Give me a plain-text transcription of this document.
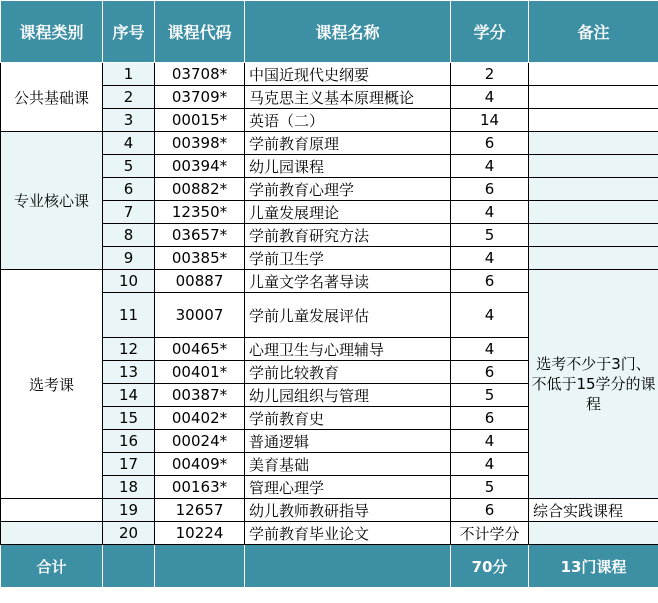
课程类别	序号	课程代码	课程名称	学分	备注
公共基础课	1	03708*	中国近现代史纲要	2	
	2	03709*	马克思主义基本原理概论	4	
	3	00015*	英语（二）	14	
专业核心课	4	00398*	学前教育原理	6	
	5	00394*	幼儿园课程	4	
	6	00882*	学前教育心理学	6	
	7	12350*	儿童发展理论	4	
	8	03657*	学前教育研究方法	5	
	9	00385*	学前卫生学	4	
选考课	10	00887	儿童文学名著导读	6	选考不少于3门、不低于15学分的课程
	11	30007	学前儿童发展评估	4	
	12	00465*	心理卫生与心理辅导	4	
	13	00401*	学前比较教育	6	
	14	00387*	幼儿园组织与管理	5	
	15	00402*	学前教育史	6	
	16	00024*	普通逻辑	4	
	17	00409*	美育基础	4	
	18	00163*	管理心理学	5	
	19	12657	幼儿教师教研指导	6	综合实践课程
	20	10224	学前教育毕业论文	不计学分	
合计				70分	13门课程
